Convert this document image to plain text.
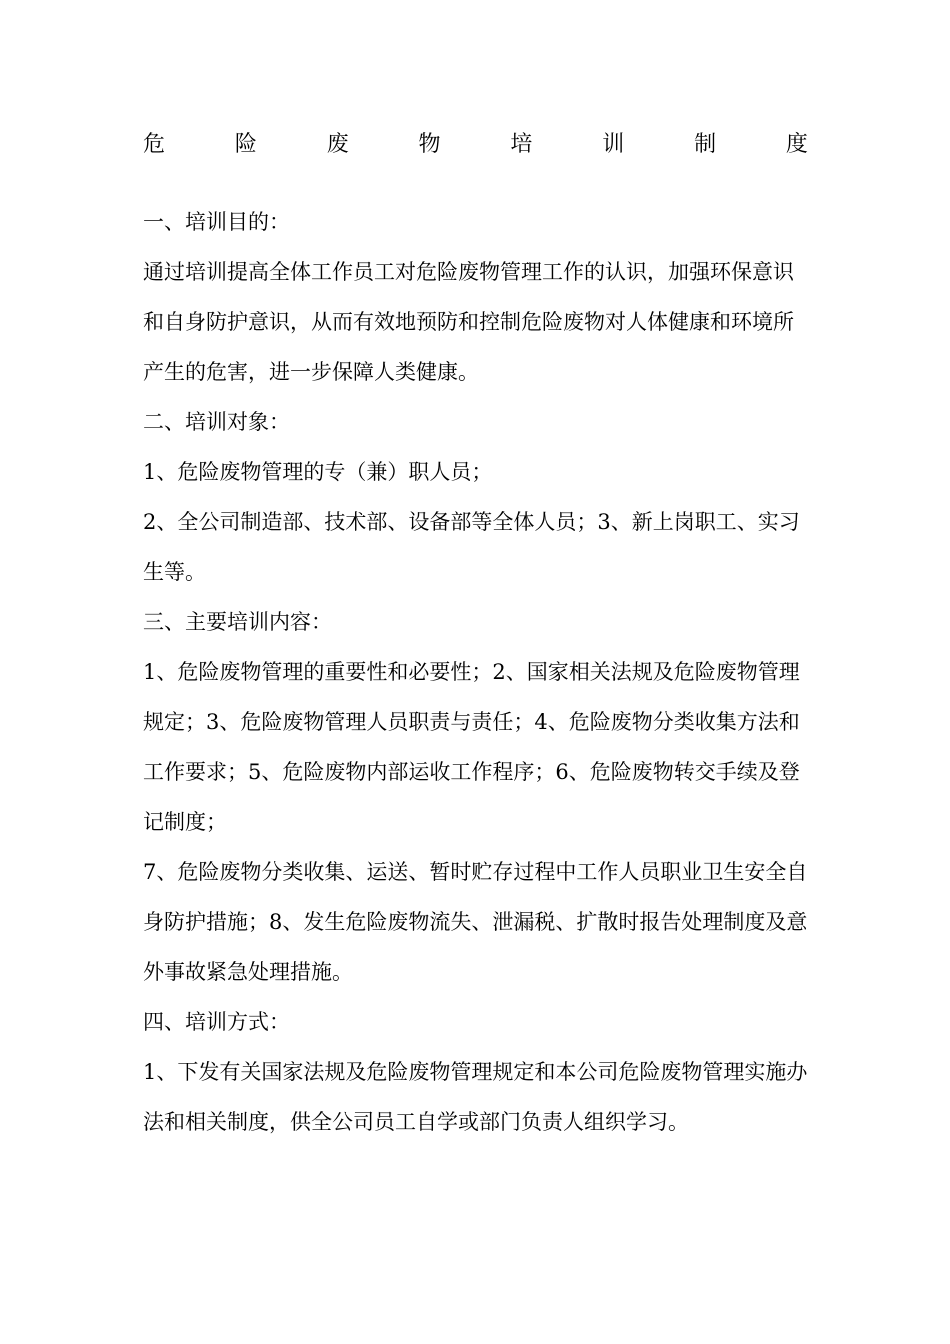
危	险	废	物	培	训	制	度

一、培训目的：

通过培训提高全体工作员工对危险废物管理工作的认识，加强环保意识

和自身防护意识，从而有效地预防和控制危险废物对人体健康和环境所

产生的危害，进一步保障人类健康。

二、培训对象：

1、危险废物管理的专（兼）职人员；

2、全公司制造部、技术部、设备部等全体人员；3、新上岗职工、实习

生等。

三、主要培训内容：

1、危险废物管理的重要性和必要性；2、国家相关法规及危险废物管理

规定；3、危险废物管理人员职责与责任；4、危险废物分类收集方法和

工作要求；5、危险废物内部运收工作程序；6、危险废物转交手续及登

记制度；

7、危险废物分类收集、运送、暂时贮存过程中工作人员职业卫生安全自

身防护措施；8、发生危险废物流失、泄漏税、扩散时报告处理制度及意

外事故紧急处理措施。

四、培训方式：

1、下发有关国家法规及危险废物管理规定和本公司危险废物管理实施办

法和相关制度，供全公司员工自学或部门负责人组织学习。
